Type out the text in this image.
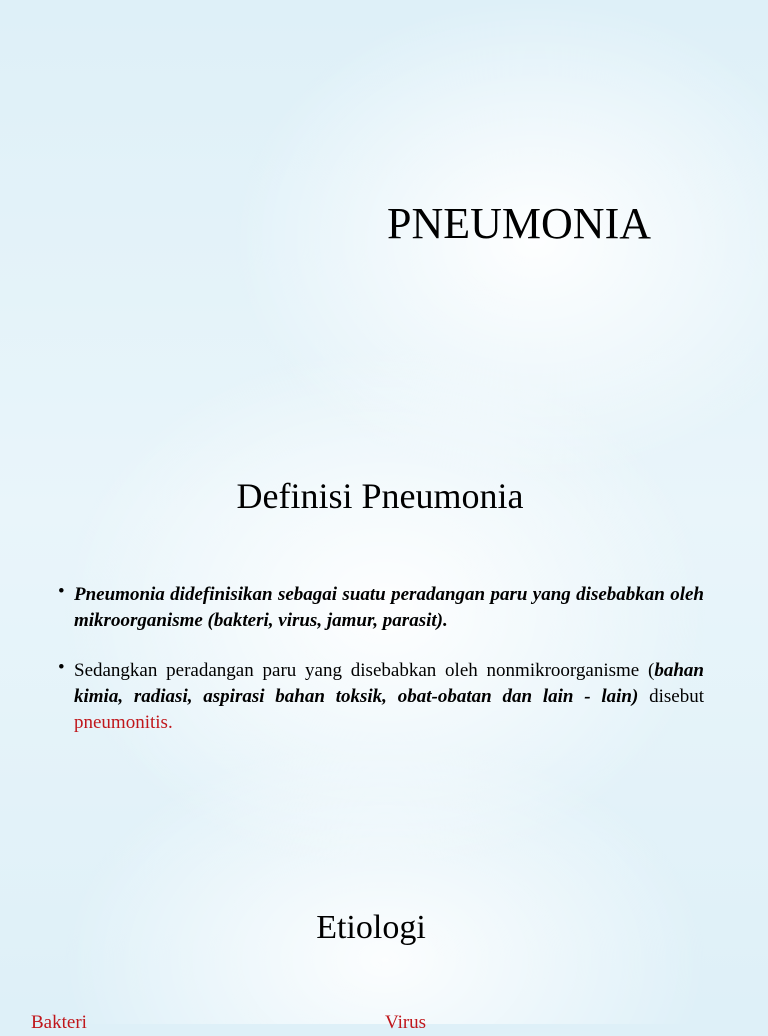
PNEUMONIA
Definisi Pneumonia
• Pneumonia didefinisikan sebagai suatu peradangan paru yang disebabkan oleh mikroorganisme (bakteri, virus, jamur, parasit).
• Sedangkan peradangan paru yang disebabkan oleh nonmikroorganisme (bahan kimia, radiasi, aspirasi bahan toksik, obat-obatan dan lain - lain) disebut pneumonitis.
Etiologi
Bakteri	Virus
